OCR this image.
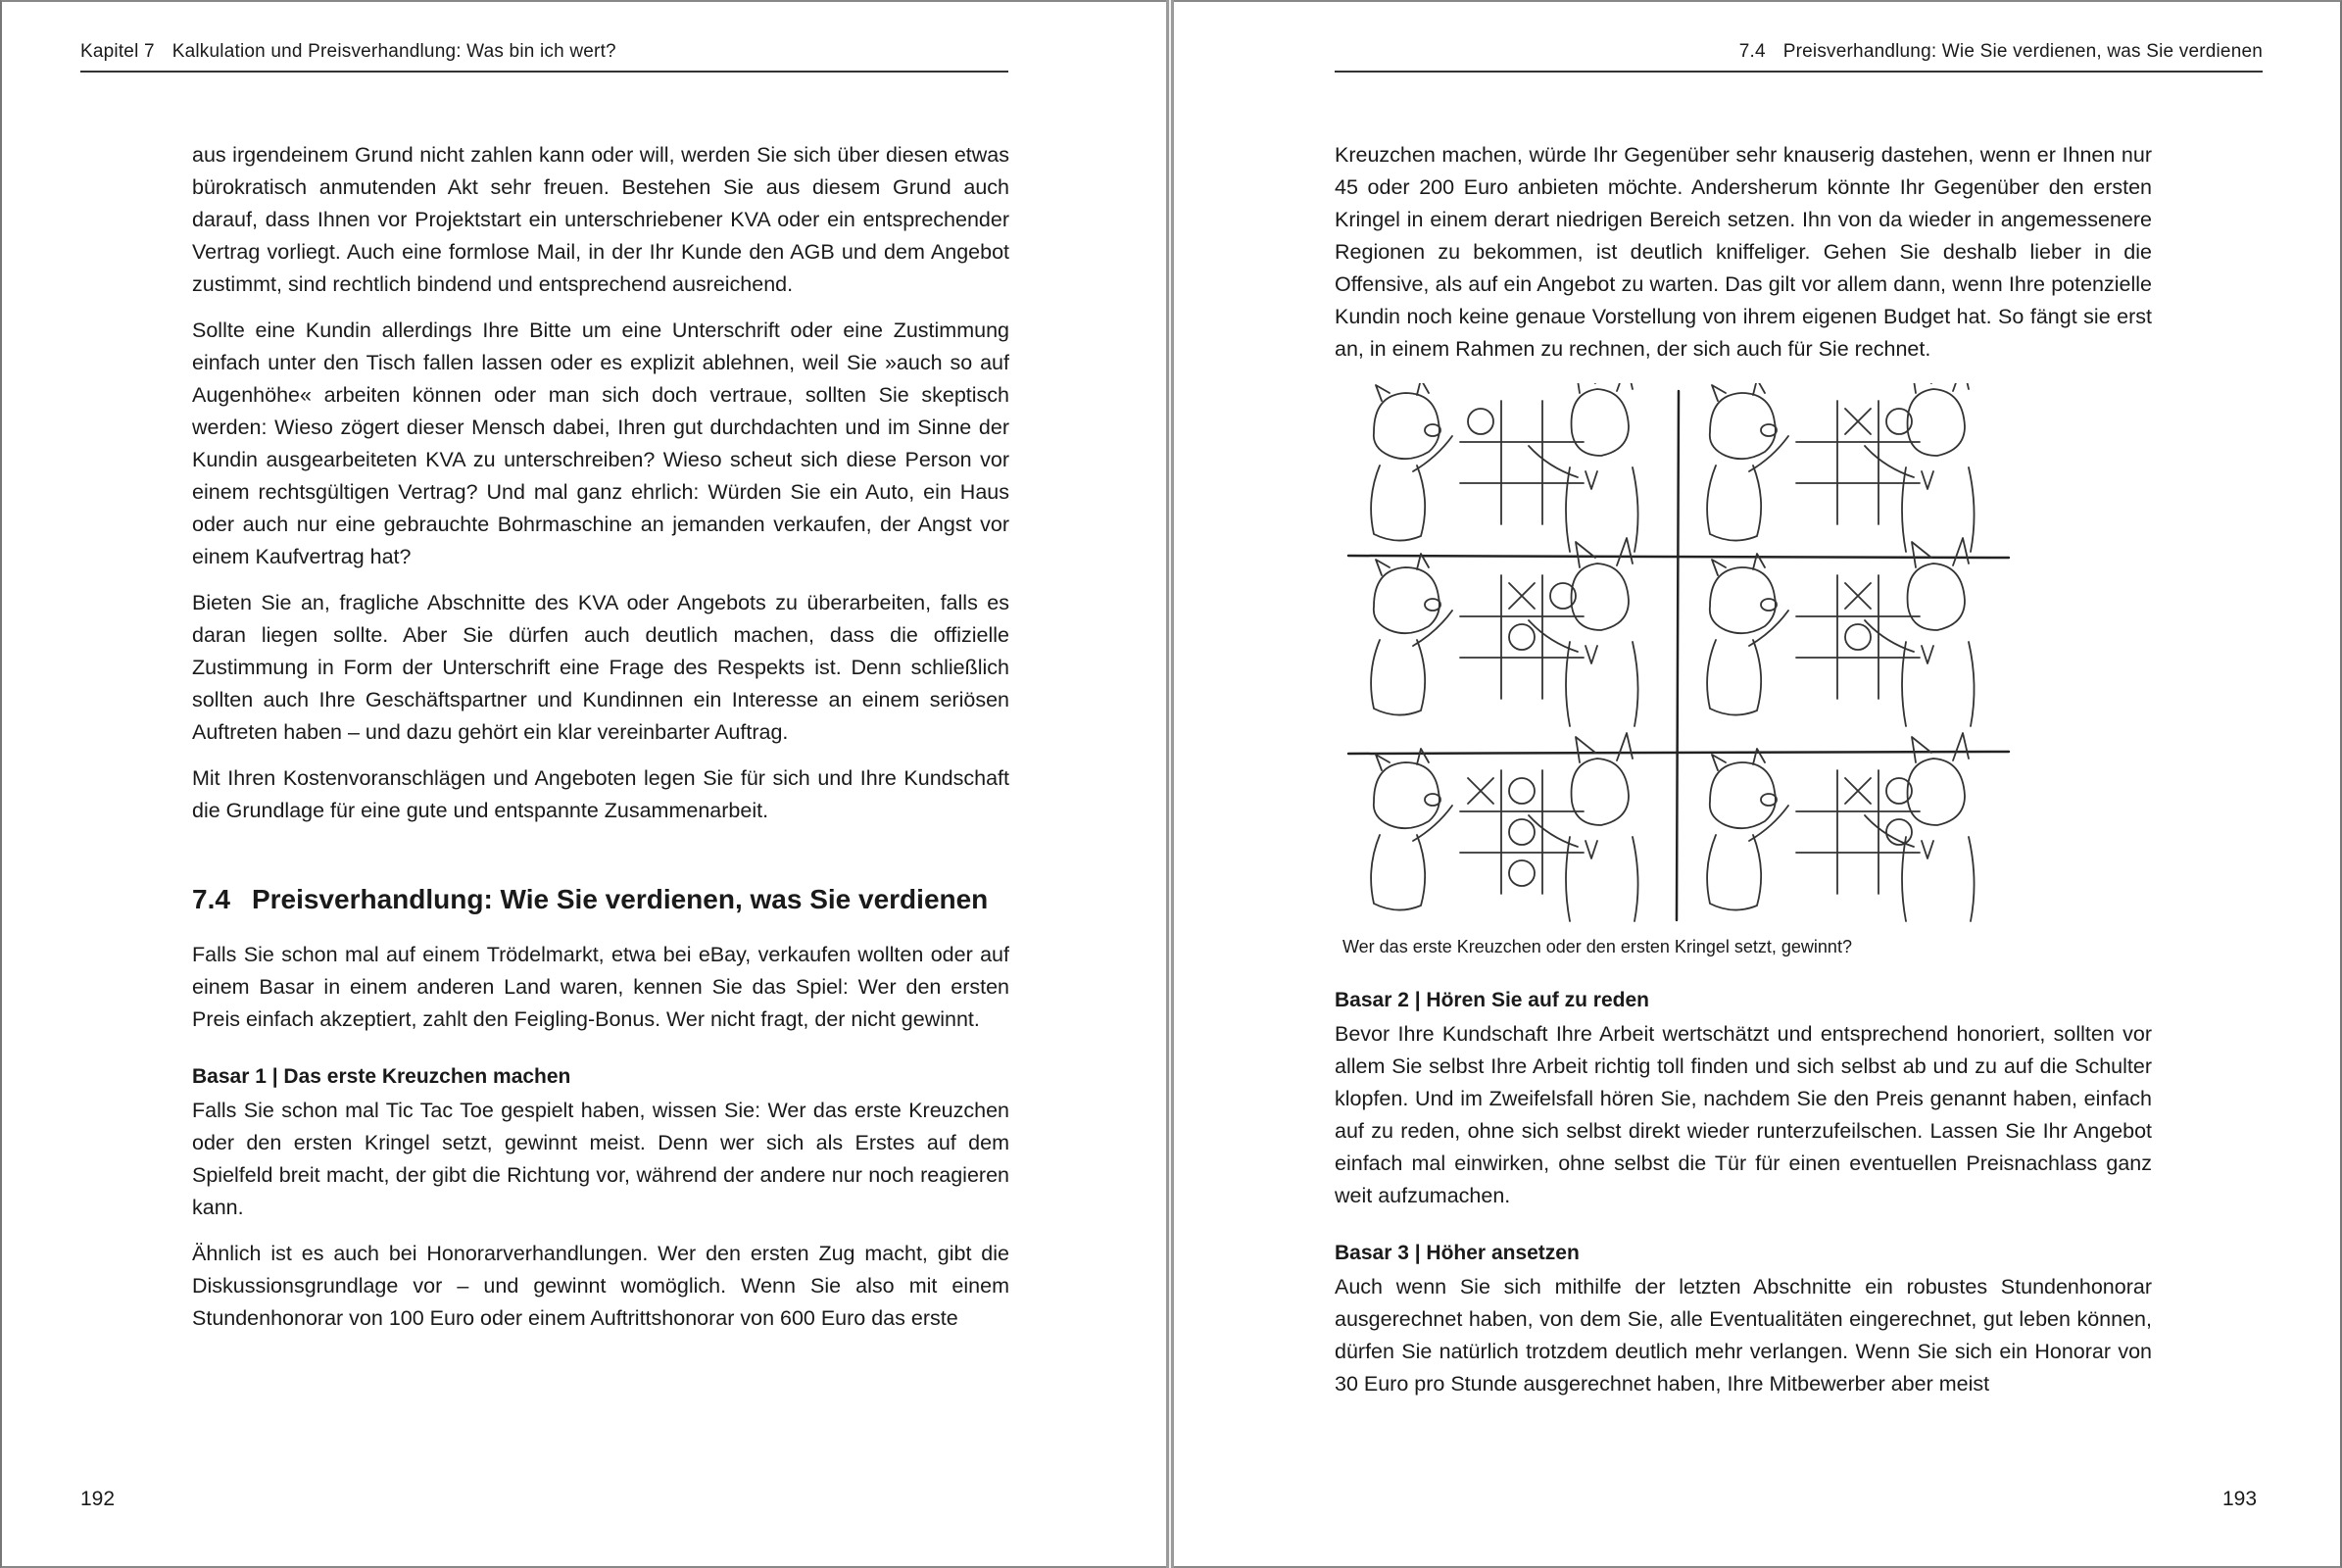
Kapitel 7 Kalkulation und Preisverhandlung: Was bin ich wert?

aus irgendeinem Grund nicht zahlen kann oder will, werden Sie sich über diesen etwas bürokratisch anmutenden Akt sehr freuen. Bestehen Sie aus diesem Grund auch darauf, dass Ihnen vor Projektstart ein unterschriebener KVA oder ein entsprechender Vertrag vorliegt. Auch eine formlose Mail, in der Ihr Kunde den AGB und dem Angebot zustimmt, sind rechtlich bindend und entsprechend ausreichend.

Sollte eine Kundin allerdings Ihre Bitte um eine Unterschrift oder eine Zustimmung einfach unter den Tisch fallen lassen oder es explizit ablehnen, weil Sie »auch so auf Augenhöhe« arbeiten können oder man sich doch vertraue, sollten Sie skeptisch werden: Wieso zögert dieser Mensch dabei, Ihren gut durchdachten und im Sinne der Kundin ausgearbeiteten KVA zu unterschreiben? Wieso scheut sich diese Person vor einem rechtsgültigen Vertrag? Und mal ganz ehrlich: Würden Sie ein Auto, ein Haus oder auch nur eine gebrauchte Bohrmaschine an jemanden verkaufen, der Angst vor einem Kaufvertrag hat?

Bieten Sie an, fragliche Abschnitte des KVA oder Angebots zu überarbeiten, falls es daran liegen sollte. Aber Sie dürfen auch deutlich machen, dass die offizielle Zustimmung in Form der Unterschrift eine Frage des Respekts ist. Denn schließlich sollten auch Ihre Geschäftspartner und Kundinnen ein Interesse an einem seriösen Auftreten haben – und dazu gehört ein klar vereinbarter Auftrag.

Mit Ihren Kostenvoranschlägen und Angeboten legen Sie für sich und Ihre Kundschaft die Grundlage für eine gute und entspannte Zusammenarbeit.

7.4 Preisverhandlung: Wie Sie verdienen, was Sie verdienen

Falls Sie schon mal auf einem Trödelmarkt, etwa bei eBay, verkaufen wollten oder auf einem Basar in einem anderen Land waren, kennen Sie das Spiel: Wer den ersten Preis einfach akzeptiert, zahlt den Feigling-Bonus. Wer nicht fragt, der nicht gewinnt.

Basar 1 | Das erste Kreuzchen machen

Falls Sie schon mal Tic Tac Toe gespielt haben, wissen Sie: Wer das erste Kreuzchen oder den ersten Kringel setzt, gewinnt meist. Denn wer sich als Erstes auf dem Spielfeld breit macht, der gibt die Richtung vor, während der andere nur noch reagieren kann.

Ähnlich ist es auch bei Honorarverhandlungen. Wer den ersten Zug macht, gibt die Diskussionsgrundlage vor – und gewinnt womöglich. Wenn Sie also mit einem Stundenhonorar von 100 Euro oder einem Auftrittshonorar von 600 Euro das erste

192
7.4 Preisverhandlung: Wie Sie verdienen, was Sie verdienen

Kreuzchen machen, würde Ihr Gegenüber sehr knauserig dastehen, wenn er Ihnen nur 45 oder 200 Euro anbieten möchte. Andersherum könnte Ihr Gegenüber den ersten Kringel in einem derart niedrigen Bereich setzen. Ihn von da wieder in angemessenere Regionen zu bekommen, ist deutlich kniffeliger. Gehen Sie deshalb lieber in die Offensive, als auf ein Angebot zu warten. Das gilt vor allem dann, wenn Ihre potenzielle Kundin noch keine genaue Vorstellung von ihrem eigenen Budget hat. So fängt sie erst an, in einem Rahmen zu rechnen, der sich auch für Sie rechnet.

Wer das erste Kreuzchen oder den ersten Kringel setzt, gewinnt?
Basar 2 | Hören Sie auf zu reden

Bevor Ihre Kundschaft Ihre Arbeit wertschätzt und entsprechend honoriert, sollten vor allem Sie selbst Ihre Arbeit richtig toll finden und sich selbst ab und zu auf die Schulter klopfen. Und im Zweifelsfall hören Sie, nachdem Sie den Preis genannt haben, einfach auf zu reden, ohne sich selbst direkt wieder runterzufeilschen. Lassen Sie Ihr Angebot einfach mal einwirken, ohne selbst die Tür für einen eventuellen Preisnachlass ganz weit aufzumachen.

Basar 3 | Höher ansetzen

Auch wenn Sie sich mithilfe der letzten Abschnitte ein robustes Stundenhonorar ausgerechnet haben, von dem Sie, alle Eventualitäten eingerechnet, gut leben können, dürfen Sie natürlich trotzdem deutlich mehr verlangen. Wenn Sie sich ein Honorar von 30 Euro pro Stunde ausgerechnet haben, Ihre Mitbewerber aber meist

193
